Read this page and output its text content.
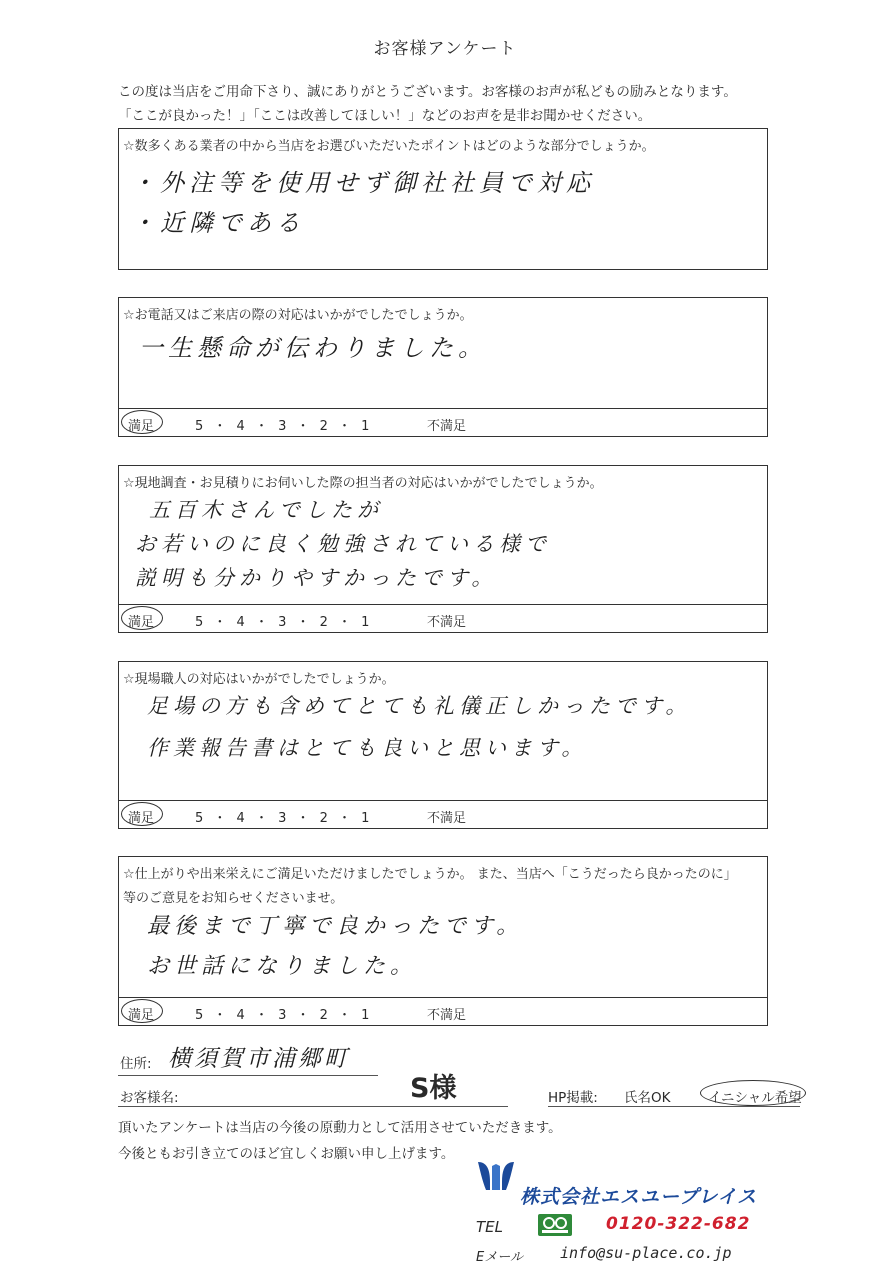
お客様アンケート
この度は当店をご用命下さり、誠にありがとうございます。お客様のお声が私どもの励みとなります。
「ここが良かった！」「ここは改善してほしい！」などのお声を是非お聞かせください。
☆数多くある業者の中から当店をお選びいただいたポイントはどのような部分でしょうか。
・外注等を使用せず御社社員で対応
・近隣である
☆お電話又はご来店の際の対応はいかがでしたでしょうか。
一生懸命が伝わりました。
満足	5 ・ 4 ・ 3 ・ 2 ・ 1	不満足
☆現地調査・お見積りにお伺いした際の担当者の対応はいかがでしたでしょうか。
五百木さんでしたが
お若いのに良く勉強されている様で
説明も分かりやすかったです。
満足	5 ・ 4 ・ 3 ・ 2 ・ 1	不満足
☆現場職人の対応はいかがでしたでしょうか。
足場の方も含めてとても礼儀正しかったです。
作業報告書はとても良いと思います。
満足	5 ・ 4 ・ 3 ・ 2 ・ 1	不満足
☆仕上がりや出来栄えにご満足いただけましたでしょうか。 また、当店へ「こうだったら良かったのに」
等のご意見をお知らせくださいませ。
最後まで丁寧で良かったです。
お世話になりました。
満足	5 ・ 4 ・ 3 ・ 2 ・ 1	不満足
住所: 横須賀市浦郷町
お客様名:	S様	HP掲載: 氏名OK	イニシャル希望
頂いたアンケートは当店の今後の原動力として活用させていただきます。
今後ともお引き立てのほど宜しくお願い申し上げます。
株式会社エスユープレイス
TEL	0120-322-682
Eメール info@su-place.co.jp
